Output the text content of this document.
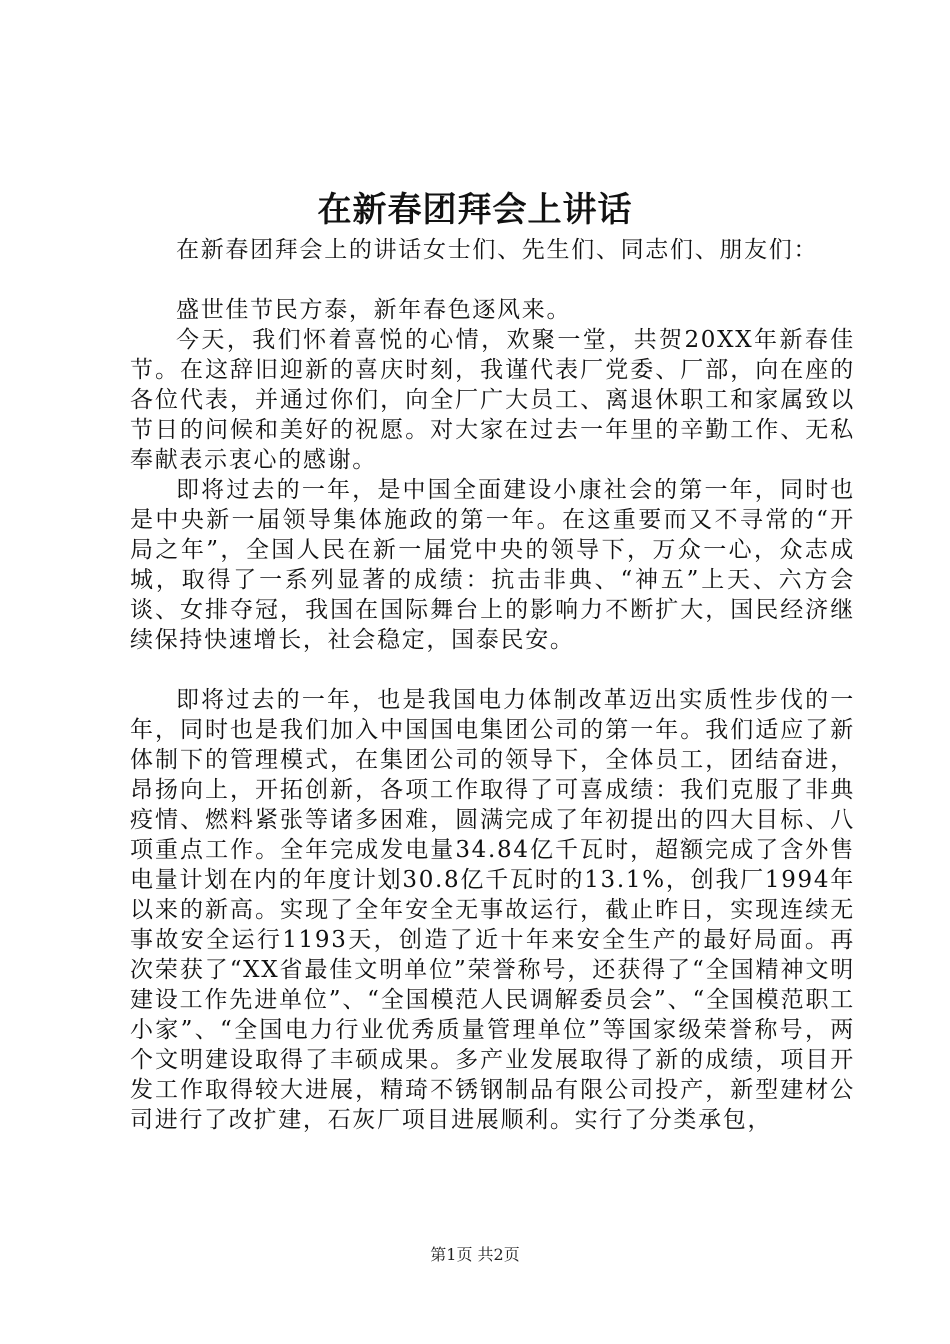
在新春团拜会上讲话

在新春团拜会上的讲话女士们、先生们、同志们、朋友们：

盛世佳节民方泰，新年春色逐风来。

今天，我们怀着喜悦的心情，欢聚一堂，共贺20XX年新春佳节。在这辞旧迎新的喜庆时刻，我谨代表厂党委、厂部，向在座的各位代表，并通过你们，向全厂广大员工、离退休职工和家属致以节日的问候和美好的祝愿。对大家在过去一年里的辛勤工作、无私奉献表示衷心的感谢。

即将过去的一年，是中国全面建设小康社会的第一年，同时也是中央新一届领导集体施政的第一年。在这重要而又不寻常的“开局之年”，全国人民在新一届党中央的领导下，万众一心，众志成城，取得了一系列显著的成绩：抗击非典、“神五”上天、六方会谈、女排夺冠，我国在国际舞台上的影响力不断扩大，国民经济继续保持快速增长，社会稳定，国泰民安。

即将过去的一年，也是我国电力体制改革迈出实质性步伐的一年，同时也是我们加入中国国电集团公司的第一年。我们适应了新体制下的管理模式，在集团公司的领导下，全体员工，团结奋进，昂扬向上，开拓创新，各项工作取得了可喜成绩：我们克服了非典疫情、燃料紧张等诸多困难，圆满完成了年初提出的四大目标、八项重点工作。全年完成发电量34.84亿千瓦时，超额完成了含外售电量计划在内的年度计划30.8亿千瓦时的13.1%，创我厂1994年以来的新高。实现了全年安全无事故运行，截止昨日，实现连续无事故安全运行1193天，创造了近十年来安全生产的最好局面。再次荣获了“XX省最佳文明单位”荣誉称号，还获得了“全国精神文明建设工作先进单位”、“全国模范人民调解委员会”、“全国模范职工小家”、“全国电力行业优秀质量管理单位”等国家级荣誉称号，两个文明建设取得了丰硕成果。多产业发展取得了新的成绩，项目开发工作取得较大进展，精琦不锈钢制品有限公司投产，新型建材公司进行了改扩建，石灰厂项目进展顺利。实行了分类承包，

第1页 共2页
